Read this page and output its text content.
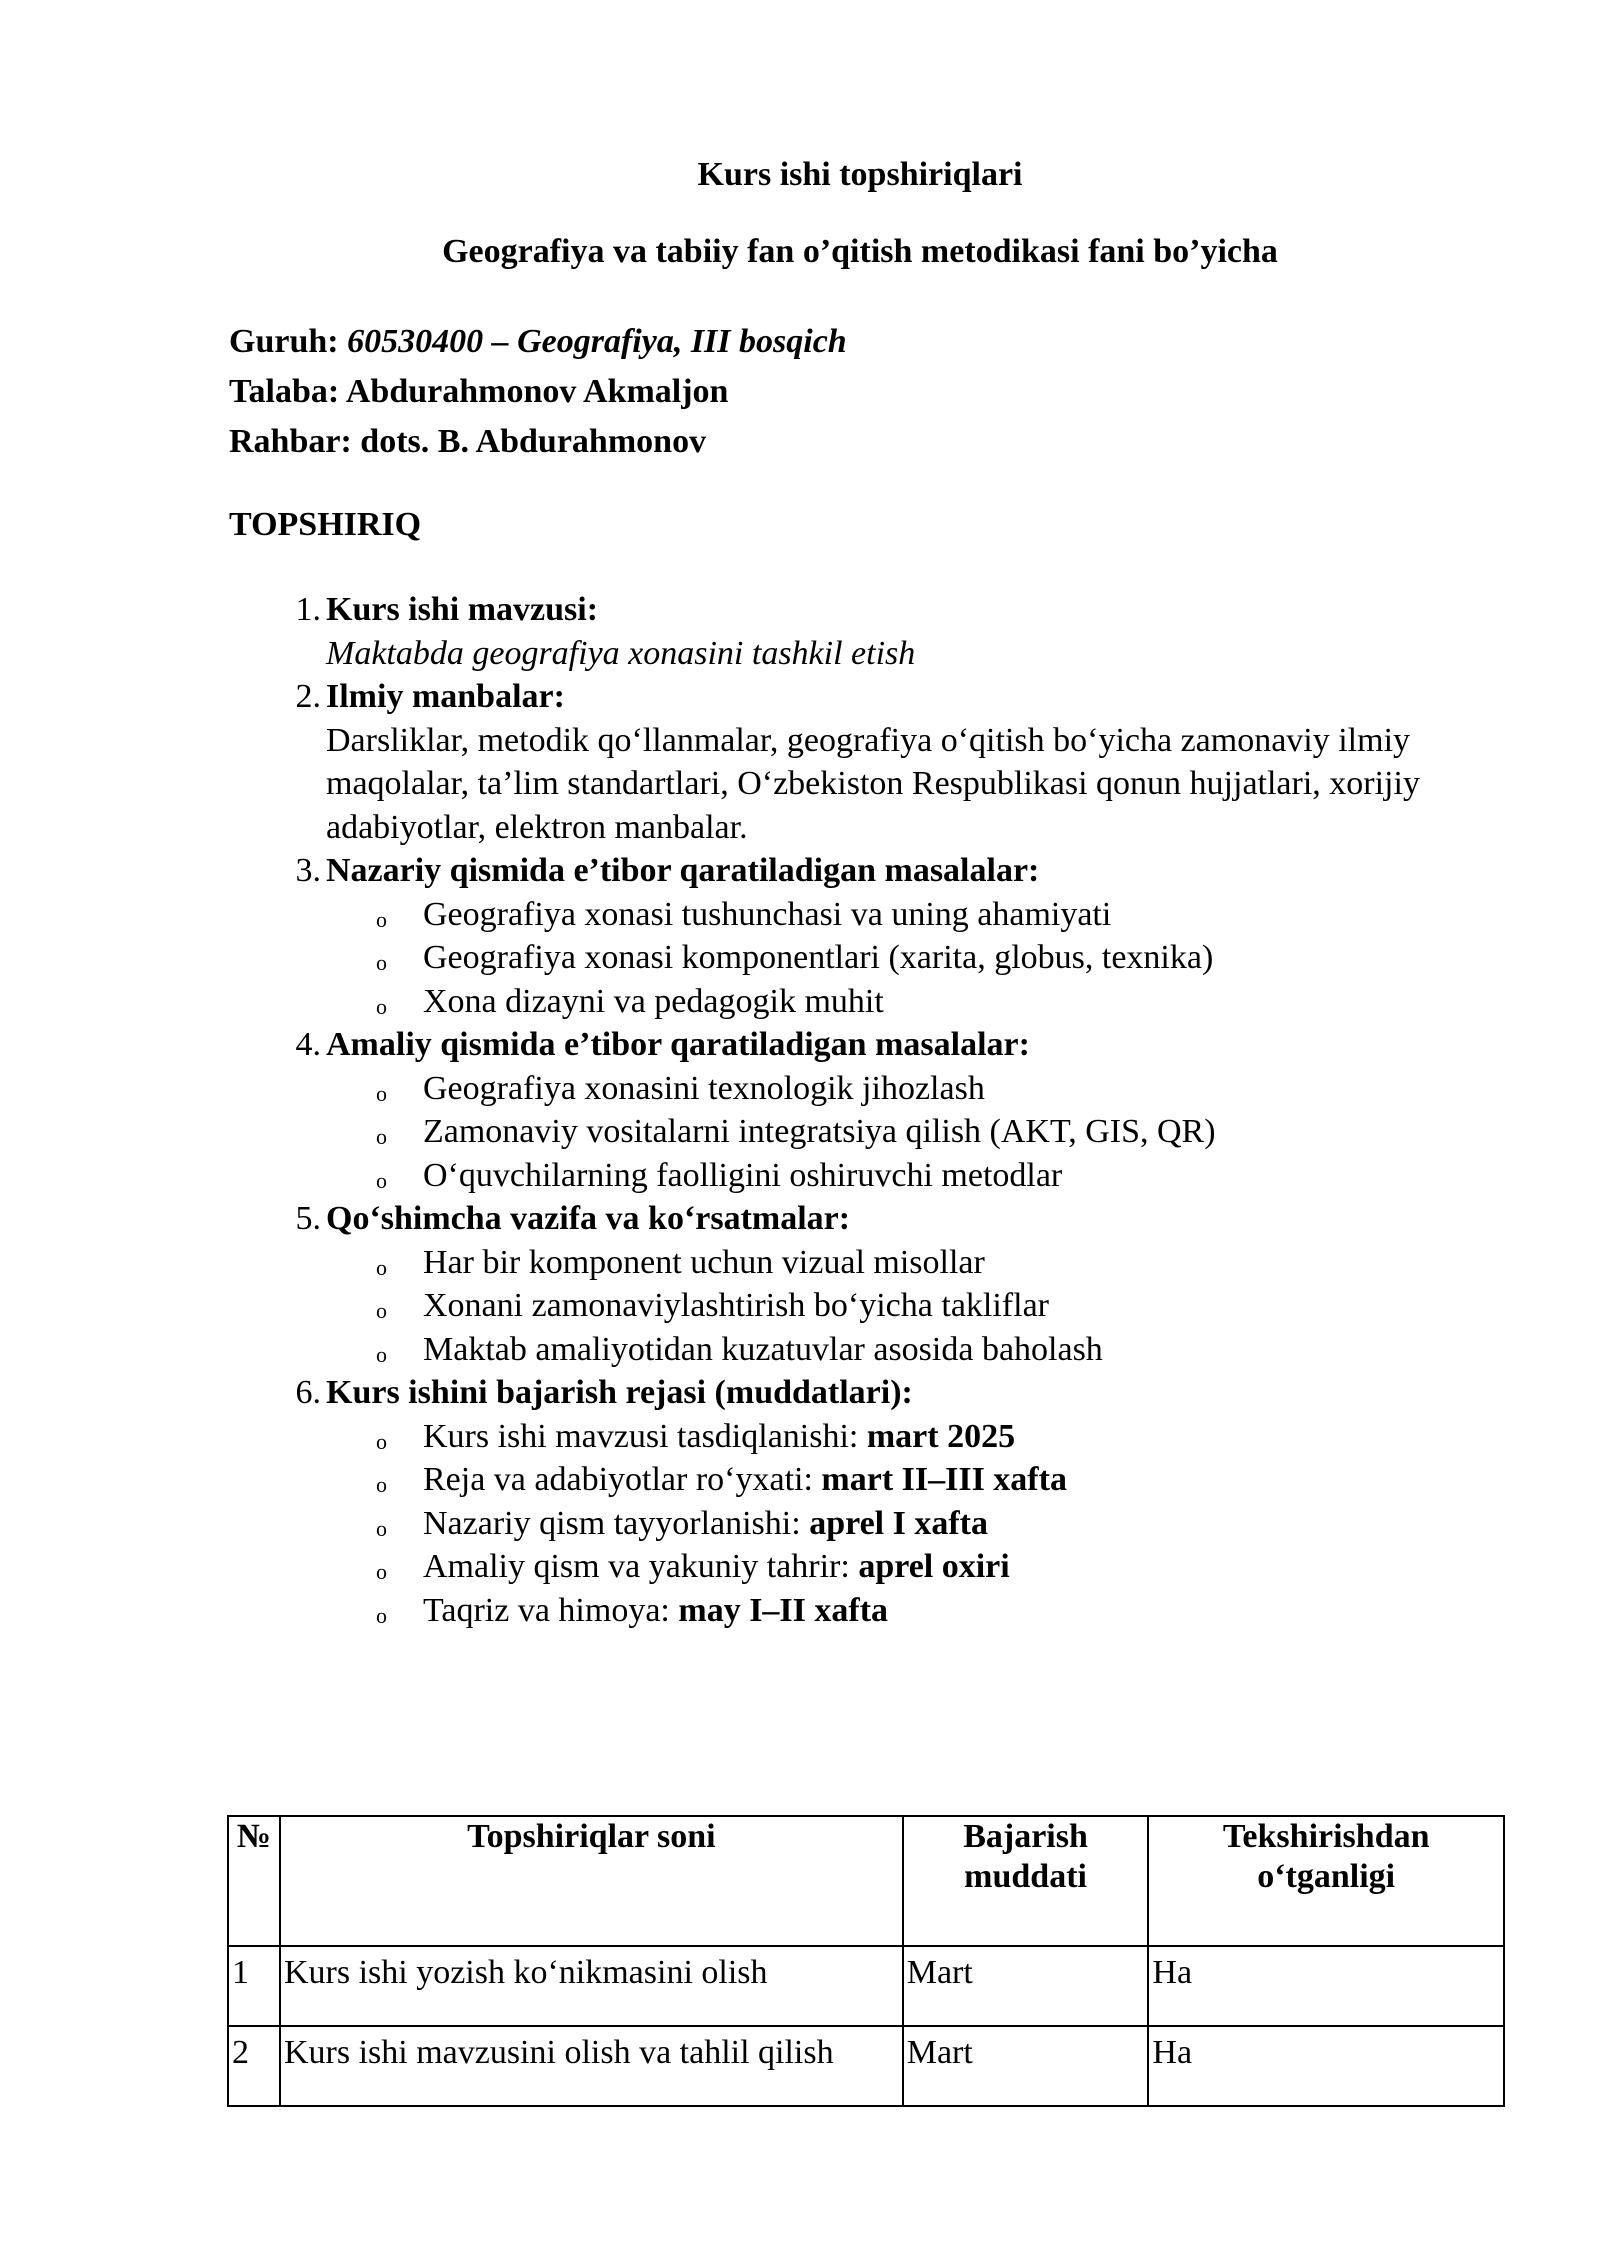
Kurs ishi topshiriqlari
Geografiya va tabiiy fan o’qitish metodikasi fani bo’yicha
Guruh: 60530400 – Geografiya, III bosqich
Talaba: Abdurahmonov Akmaljon
Rahbar: dots. B. Abdurahmonov
TOPSHIRIQ
1. Kurs ishi mavzusi:
Maktabda geografiya xonasini tashkil etish
2. Ilmiy manbalar:
Darsliklar, metodik qo‘llanmalar, geografiya o‘qitish bo‘yicha zamonaviy ilmiy maqolalar, ta’lim standartlari, O‘zbekiston Respublikasi qonun hujjatlari, xorijiy adabiyotlar, elektron manbalar.
3. Nazariy qismida e’tibor qaratiladigan masalalar:
o Geografiya xonasi tushunchasi va uning ahamiyati
o Geografiya xonasi komponentlari (xarita, globus, texnika)
o Xona dizayni va pedagogik muhit
4. Amaliy qismida e’tibor qaratiladigan masalalar:
o Geografiya xonasini texnologik jihozlash
o Zamonaviy vositalarni integratsiya qilish (AKT, GIS, QR)
o O‘quvchilarning faolligini oshiruvchi metodlar
5. Qo‘shimcha vazifa va ko‘rsatmalar:
o Har bir komponent uchun vizual misollar
o Xonani zamonaviylashtirish bo‘yicha takliflar
o Maktab amaliyotidan kuzatuvlar asosida baholash
6. Kurs ishini bajarish rejasi (muddatlari):
o Kurs ishi mavzusi tasdiqlanishi: mart 2025
o Reja va adabiyotlar ro‘yxati: mart II–III xafta
o Nazariy qism tayyorlanishi: aprel I xafta
o Amaliy qism va yakuniy tahrir: aprel oxiri
o Taqriz va himoya: may I–II xafta
№	Topshiriqlar soni	Bajarish muddati	Tekshirishdan o‘tganligi
1	Kurs ishi yozish ko‘nikmasini olish	Mart	Ha
2	Kurs ishi mavzusini olish va tahlil qilish	Mart	Ha
